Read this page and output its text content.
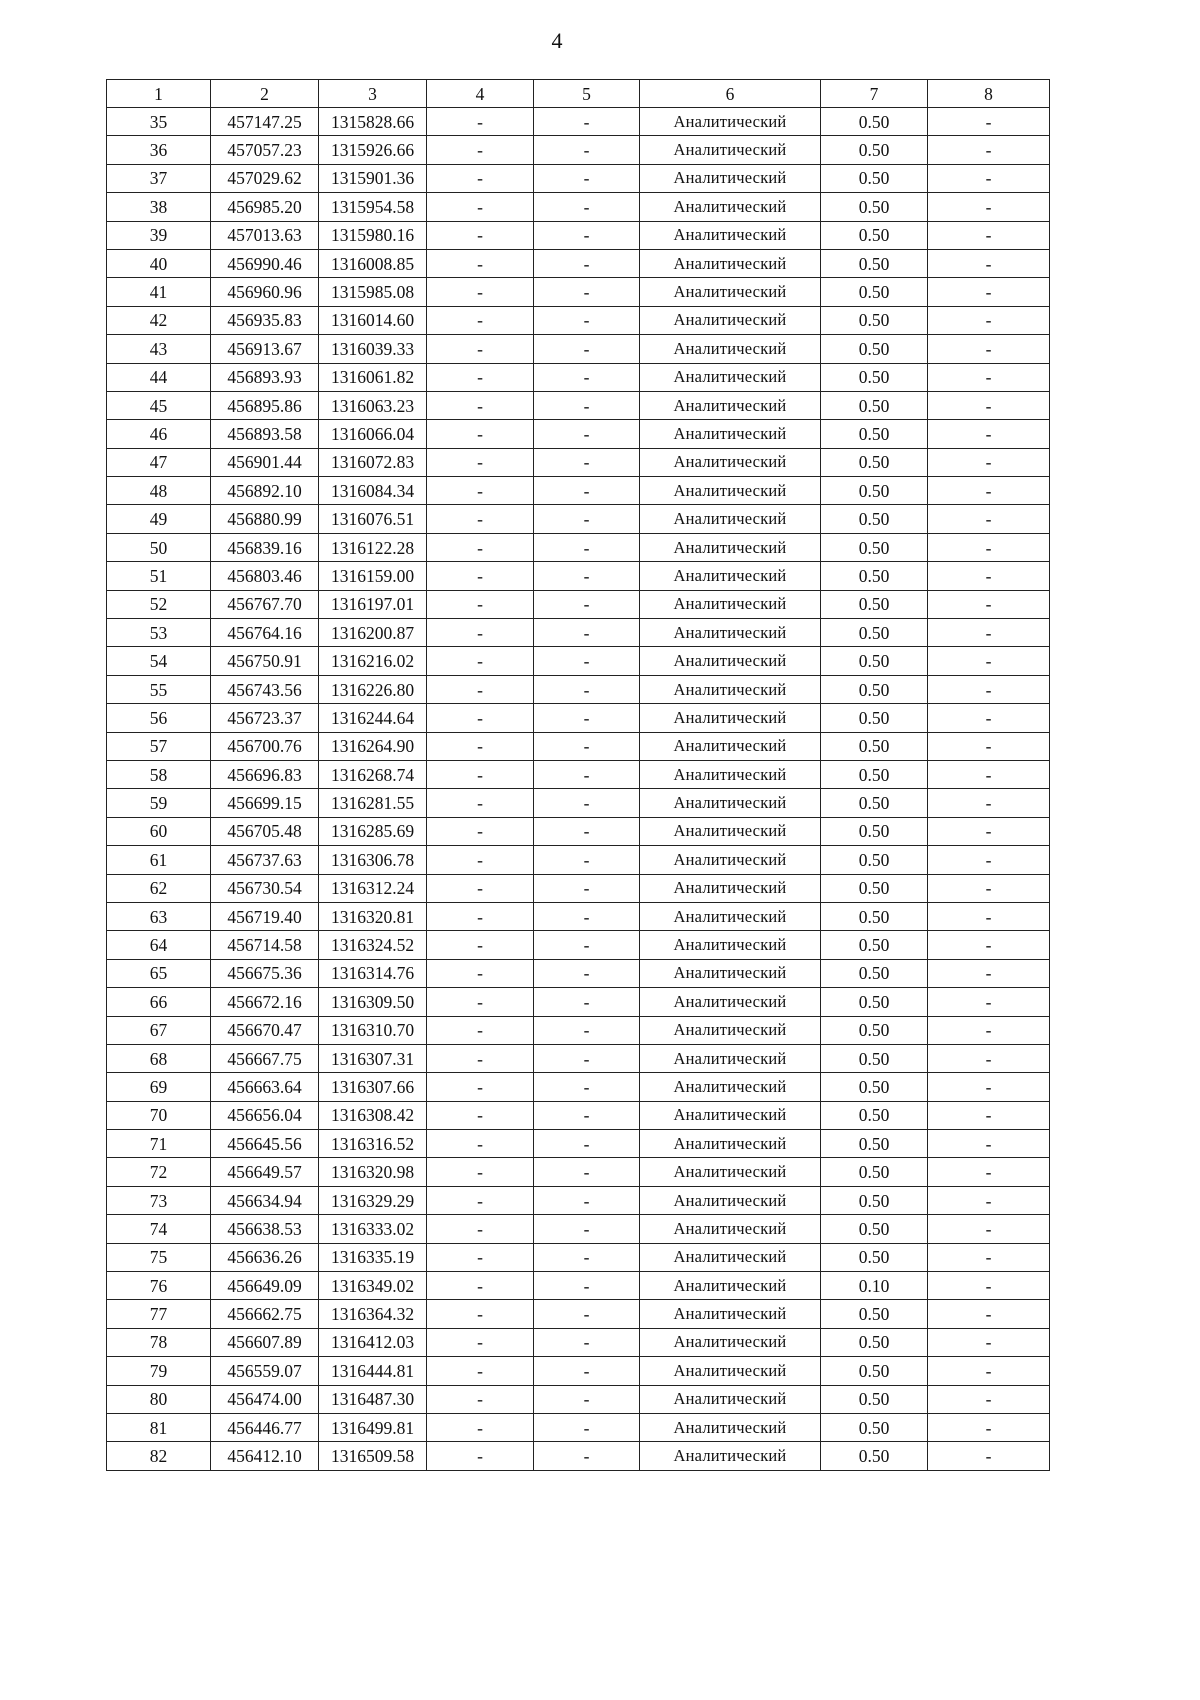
4
1	2	3	4	5	6	7	8
35	457147.25	1315828.66	-	-	Аналитический	0.50	-
36	457057.23	1315926.66	-	-	Аналитический	0.50	-
37	457029.62	1315901.36	-	-	Аналитический	0.50	-
38	456985.20	1315954.58	-	-	Аналитический	0.50	-
39	457013.63	1315980.16	-	-	Аналитический	0.50	-
40	456990.46	1316008.85	-	-	Аналитический	0.50	-
41	456960.96	1315985.08	-	-	Аналитический	0.50	-
42	456935.83	1316014.60	-	-	Аналитический	0.50	-
43	456913.67	1316039.33	-	-	Аналитический	0.50	-
44	456893.93	1316061.82	-	-	Аналитический	0.50	-
45	456895.86	1316063.23	-	-	Аналитический	0.50	-
46	456893.58	1316066.04	-	-	Аналитический	0.50	-
47	456901.44	1316072.83	-	-	Аналитический	0.50	-
48	456892.10	1316084.34	-	-	Аналитический	0.50	-
49	456880.99	1316076.51	-	-	Аналитический	0.50	-
50	456839.16	1316122.28	-	-	Аналитический	0.50	-
51	456803.46	1316159.00	-	-	Аналитический	0.50	-
52	456767.70	1316197.01	-	-	Аналитический	0.50	-
53	456764.16	1316200.87	-	-	Аналитический	0.50	-
54	456750.91	1316216.02	-	-	Аналитический	0.50	-
55	456743.56	1316226.80	-	-	Аналитический	0.50	-
56	456723.37	1316244.64	-	-	Аналитический	0.50	-
57	456700.76	1316264.90	-	-	Аналитический	0.50	-
58	456696.83	1316268.74	-	-	Аналитический	0.50	-
59	456699.15	1316281.55	-	-	Аналитический	0.50	-
60	456705.48	1316285.69	-	-	Аналитический	0.50	-
61	456737.63	1316306.78	-	-	Аналитический	0.50	-
62	456730.54	1316312.24	-	-	Аналитический	0.50	-
63	456719.40	1316320.81	-	-	Аналитический	0.50	-
64	456714.58	1316324.52	-	-	Аналитический	0.50	-
65	456675.36	1316314.76	-	-	Аналитический	0.50	-
66	456672.16	1316309.50	-	-	Аналитический	0.50	-
67	456670.47	1316310.70	-	-	Аналитический	0.50	-
68	456667.75	1316307.31	-	-	Аналитический	0.50	-
69	456663.64	1316307.66	-	-	Аналитический	0.50	-
70	456656.04	1316308.42	-	-	Аналитический	0.50	-
71	456645.56	1316316.52	-	-	Аналитический	0.50	-
72	456649.57	1316320.98	-	-	Аналитический	0.50	-
73	456634.94	1316329.29	-	-	Аналитический	0.50	-
74	456638.53	1316333.02	-	-	Аналитический	0.50	-
75	456636.26	1316335.19	-	-	Аналитический	0.50	-
76	456649.09	1316349.02	-	-	Аналитический	0.10	-
77	456662.75	1316364.32	-	-	Аналитический	0.50	-
78	456607.89	1316412.03	-	-	Аналитический	0.50	-
79	456559.07	1316444.81	-	-	Аналитический	0.50	-
80	456474.00	1316487.30	-	-	Аналитический	0.50	-
81	456446.77	1316499.81	-	-	Аналитический	0.50	-
82	456412.10	1316509.58	-	-	Аналитический	0.50	-
